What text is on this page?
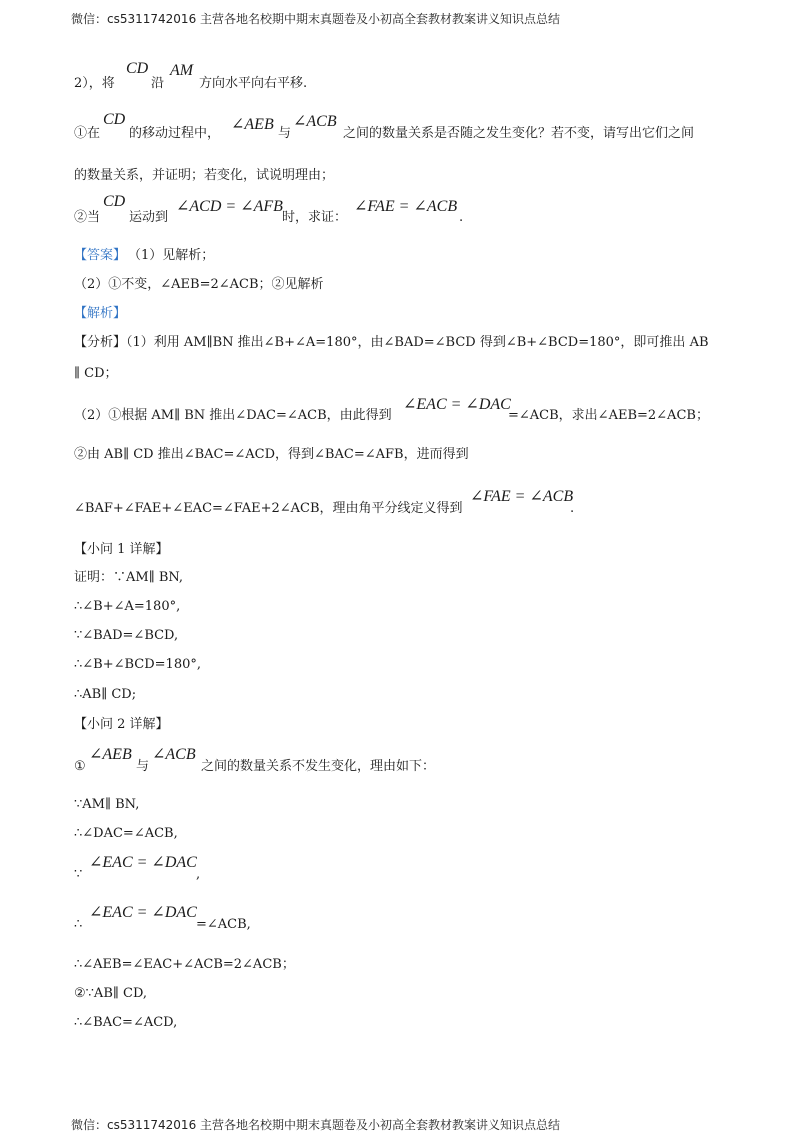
微信：cs5311742016 主营各地名校期中期末真题卷及小初高全套教材教案讲义知识点总结
2），将
CD
沿
AM
方向水平向右平移.
①在
CD
的移动过程中，
∠AEB
与
∠ACB
之间的数量关系是否随之发生变化？若不变，请写出它们之间
的数量关系，并证明；若变化，试说明理由；
②当
CD
运动到
∠ACD = ∠AFB
时，求证：
∠FAE = ∠ACB
.
【答案】 （1）见解析；
（2）①不变，∠AEB=2∠ACB；②见解析
【解析】
【分析】（1）利用 AM∥BN 推出∠B+∠A=180°，由∠BAD=∠BCD 得到∠B+∠BCD=180°，即可推出 AB
∥ CD；
（2）①根据 AM∥ BN 推出∠DAC=∠ACB，由此得到
∠EAC = ∠DAC
=∠ACB，求出∠AEB=2∠ACB；
②由 AB∥ CD 推出∠BAC=∠ACD，得到∠BAC=∠AFB，进而得到
∠BAF+∠FAE+∠EAC=∠FAE+2∠ACB，理由角平分线定义得到
∠FAE = ∠ACB
.
【小问 1 详解】
证明：∵AM∥ BN,
∴∠B+∠A=180°,
∵∠BAD=∠BCD,
∴∠B+∠BCD=180°,
∴AB∥ CD;
【小问 2 详解】
①
∠AEB
与
∠ACB
之间的数量关系不发生变化，理由如下：
∵AM∥ BN,
∴∠DAC=∠ACB,
∵
∠EAC = ∠DAC
,
∴
∠EAC = ∠DAC
=∠ACB,
∴∠AEB=∠EAC+∠ACB=2∠ACB；
②∵AB∥ CD,
∴∠BAC=∠ACD,
微信：cs5311742016 主营各地名校期中期末真题卷及小初高全套教材教案讲义知识点总结
